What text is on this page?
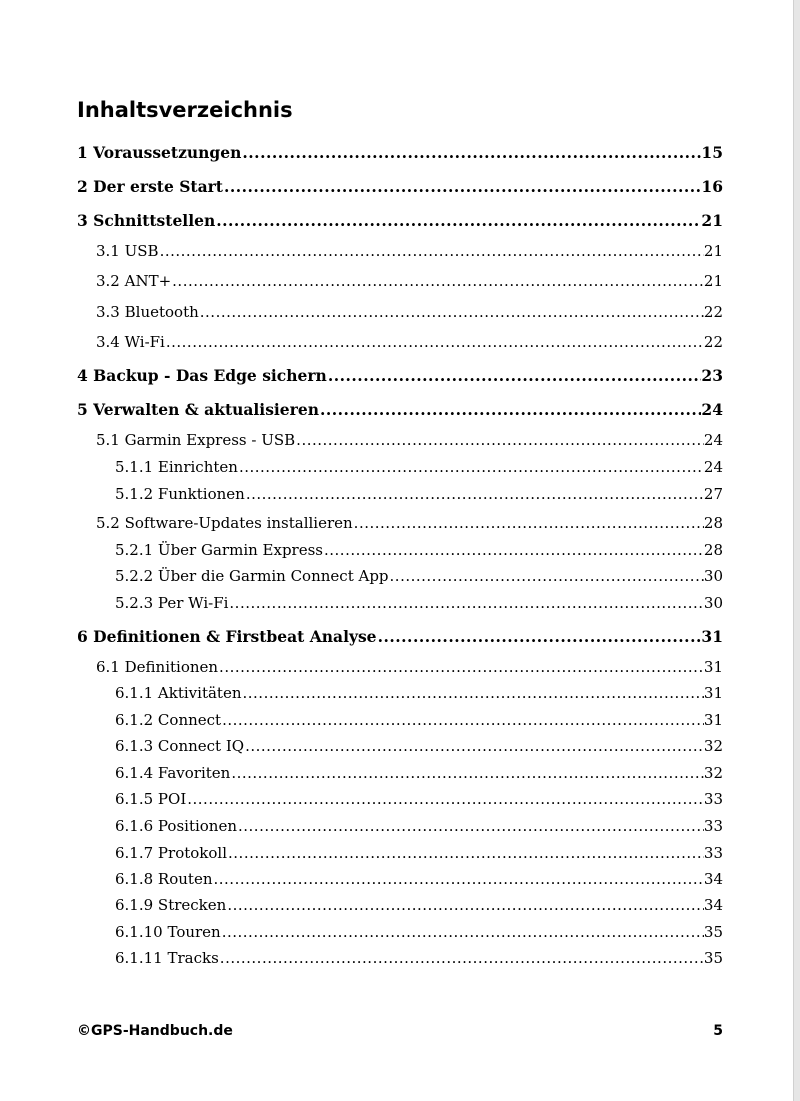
Inhaltsverzeichnis
1 Voraussetzungen .....	15
2 Der erste Start .....	16
3 Schnittstellen .....	21
3.1 USB .....	21
3.2 ANT+ .....	21
3.3 Bluetooth .....	22
3.4 Wi-Fi .....	22
4 Backup - Das Edge sichern .....	23
5 Verwalten & aktualisieren .....	24
5.1 Garmin Express - USB .....	24
5.1.1 Einrichten .....	24
5.1.2 Funktionen .....	27
5.2 Software-Updates installieren .....	28
5.2.1 Über Garmin Express .....	28
5.2.2 Über die Garmin Connect App .....	30
5.2.3 Per Wi-Fi .....	30
6 Definitionen & Firstbeat Analyse .....	31
6.1 Definitionen .....	31
6.1.1 Aktivitäten .....	31
6.1.2 Connect .....	31
6.1.3 Connect IQ .....	32
6.1.4 Favoriten .....	32
6.1.5 POI .....	33
6.1.6 Positionen .....	33
6.1.7 Protokoll .....	33
6.1.8 Routen .....	34
6.1.9 Strecken .....	34
6.1.10 Touren .....	35
6.1.11 Tracks .....	35
©GPS-Handbuch.de	5
